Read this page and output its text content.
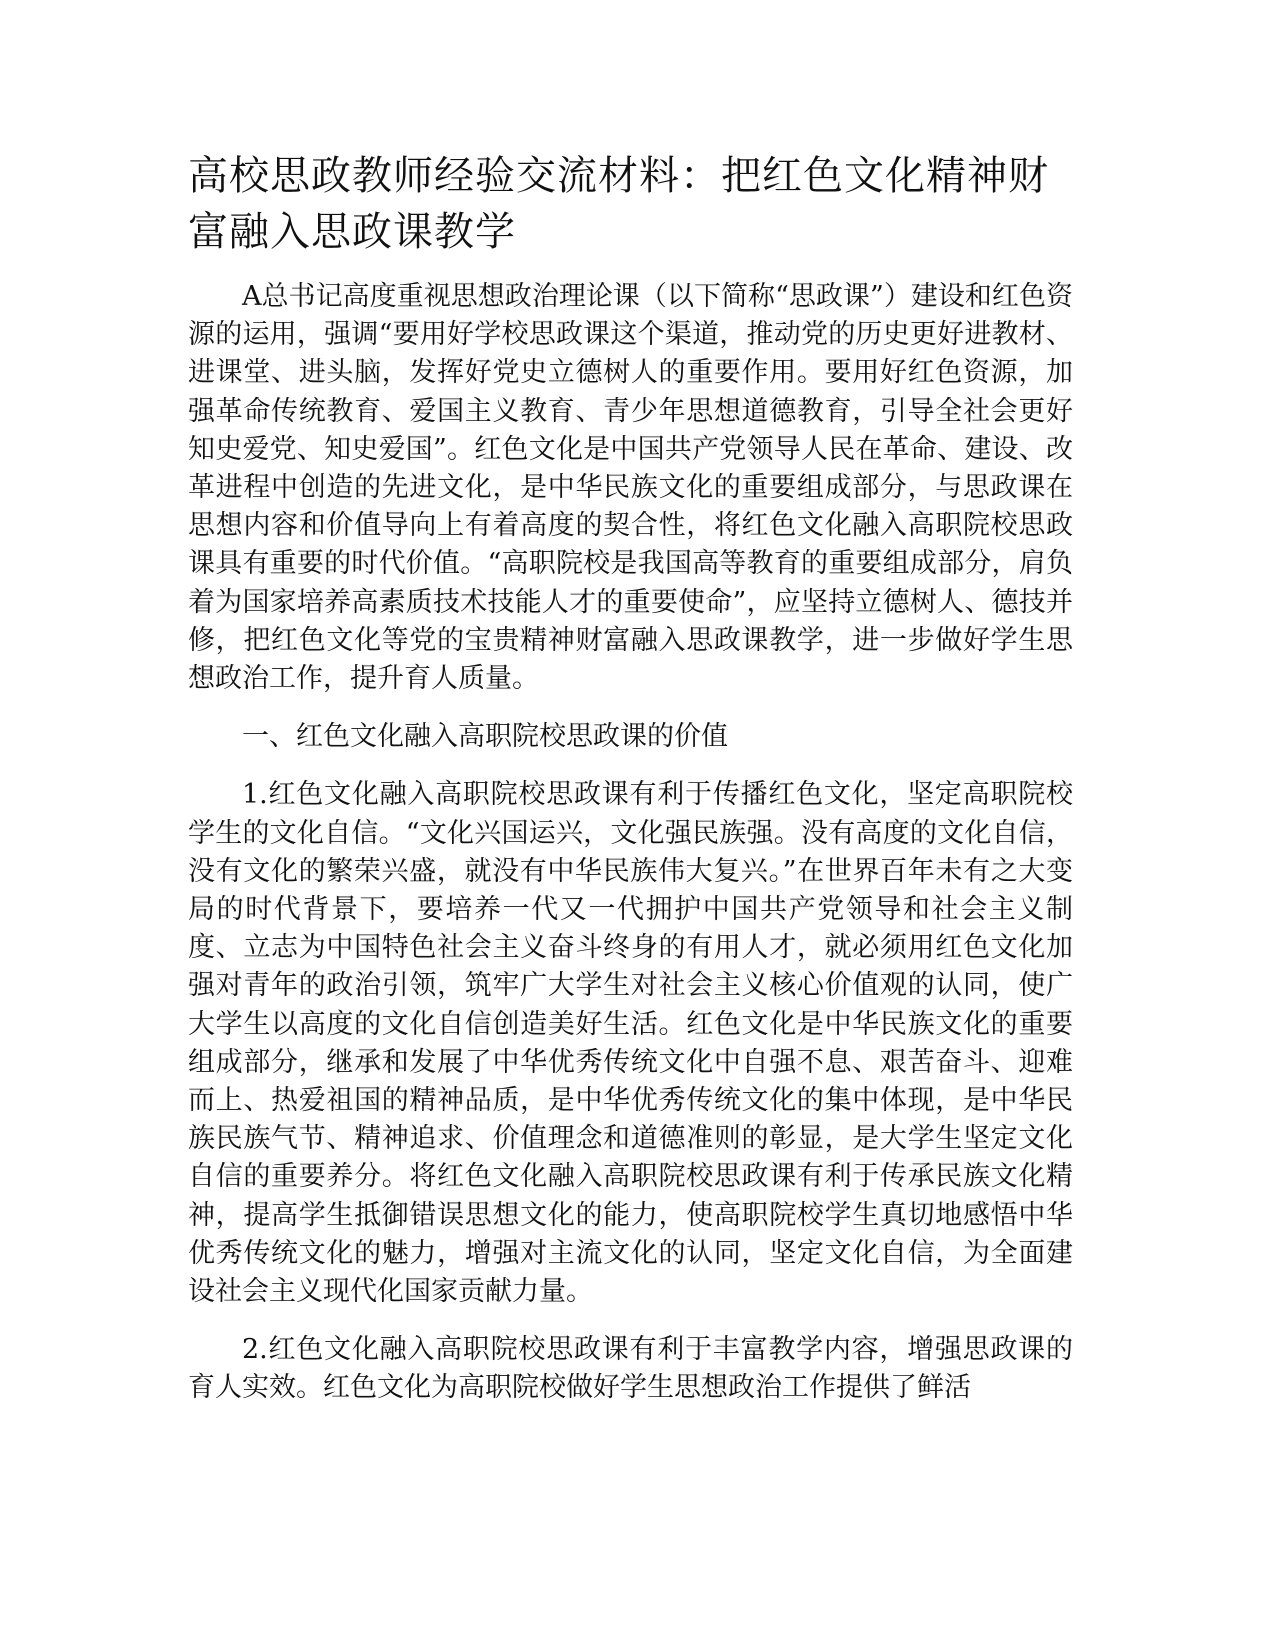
高校思政教师经验交流材料：把红色文化精神财富融入思政课教学

A总书记高度重视思想政治理论课（以下简称“思政课”）建设和红色资源的运用，强调“要用好学校思政课这个渠道，推动党的历史更好进教材、进课堂、进头脑，发挥好党史立德树人的重要作用。要用好红色资源，加强革命传统教育、爱国主义教育、青少年思想道德教育，引导全社会更好知史爱党、知史爱国”。红色文化是中国共产党领导人民在革命、建设、改革进程中创造的先进文化，是中华民族文化的重要组成部分，与思政课在思想内容和价值导向上有着高度的契合性，将红色文化融入高职院校思政课具有重要的时代价值。“高职院校是我国高等教育的重要组成部分，肩负着为国家培养高素质技术技能人才的重要使命”，应坚持立德树人、德技并修，把红色文化等党的宝贵精神财富融入思政课教学，进一步做好学生思想政治工作，提升育人质量。

一、红色文化融入高职院校思政课的价值

1.红色文化融入高职院校思政课有利于传播红色文化，坚定高职院校学生的文化自信。“文化兴国运兴，文化强民族强。没有高度的文化自信，没有文化的繁荣兴盛，就没有中华民族伟大复兴。”在世界百年未有之大变局的时代背景下，要培养一代又一代拥护中国共产党领导和社会主义制度、立志为中国特色社会主义奋斗终身的有用人才，就必须用红色文化加强对青年的政治引领，筑牢广大学生对社会主义核心价值观的认同，使广大学生以高度的文化自信创造美好生活。红色文化是中华民族文化的重要组成部分，继承和发展了中华优秀传统文化中自强不息、艰苦奋斗、迎难而上、热爱祖国的精神品质，是中华优秀传统文化的集中体现，是中华民族民族气节、精神追求、价值理念和道德准则的彰显，是大学生坚定文化自信的重要养分。将红色文化融入高职院校思政课有利于传承民族文化精神，提高学生抵御错误思想文化的能力，使高职院校学生真切地感悟中华优秀传统文化的魅力，增强对主流文化的认同，坚定文化自信，为全面建设社会主义现代化国家贡献力量。

2.红色文化融入高职院校思政课有利于丰富教学内容，增强思政课的育人实效。红色文化为高职院校做好学生思想政治工作提供了鲜活
